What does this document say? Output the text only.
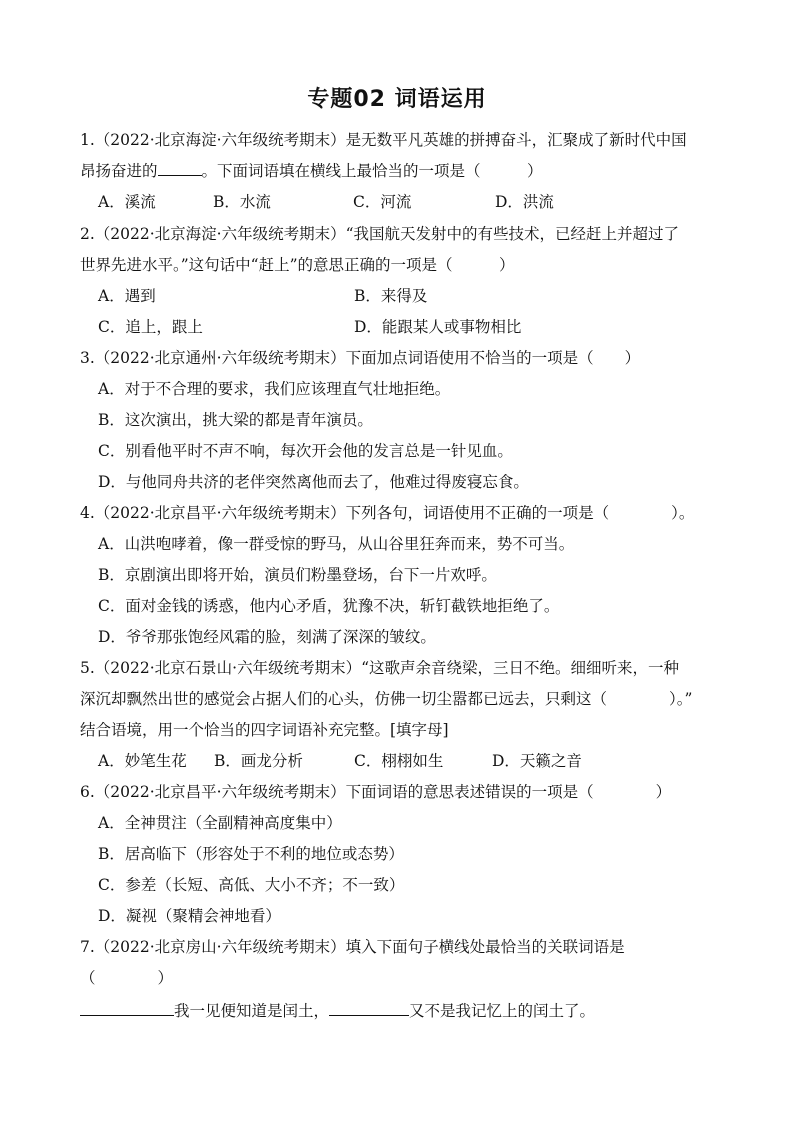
专题02 词语运用
1.（2022·北京海淀·六年级统考期末）是无数平凡英雄的拼搏奋斗，汇聚成了新时代中国
昂扬奋进的	。下面词语填在横线上最恰当的一项是（　　　）
A．溪流	B．水流	C．河流	D．洪流
2.（2022·北京海淀·六年级统考期末）“我国航天发射中的有些技术，已经赶上并超过了
世界先进水平。”这句话中“赶上”的意思正确的一项是（　　　）
A．遇到	B．来得及
C．追上，跟上	D．能跟某人或事物相比
3.（2022·北京通州·六年级统考期末）下面加点词语使用不恰当的一项是（　　）
A．对于不合理的要求，我们应该理直气壮地拒绝。
B．这次演出，挑大梁的都是青年演员。
C．别看他平时不声不响，每次开会他的发言总是一针见血。
D．与他同舟共济的老伴突然离他而去了，他难过得废寝忘食。
4.（2022·北京昌平·六年级统考期末）下列各句，词语使用不正确的一项是（　　　　）。
A．山洪咆哮着，像一群受惊的野马，从山谷里狂奔而来，势不可当。
B．京剧演出即将开始，演员们粉墨登场，台下一片欢呼。
C．面对金钱的诱惑，他内心矛盾，犹豫不决，斩钉截铁地拒绝了。
D．爷爷那张饱经风霜的脸，刻满了深深的皱纹。
5.（2022·北京石景山·六年级统考期末）“这歌声余音绕梁，三日不绝。细细听来，一种
深沉却飘然出世的感觉会占据人们的心头，仿佛一切尘嚣都已远去，只剩这（　　　　）。”
结合语境，用一个恰当的四字词语补充完整。[填字母]
A．妙笔生花 B．画龙分析	C．栩栩如生	D．天籁之音
6.（2022·北京昌平·六年级统考期末）下面词语的意思表述错误的一项是（　　　　）
A．全神贯注（全副精神高度集中）
B．居高临下（形容处于不利的地位或态势）
C．参差（长短、高低、大小不齐；不一致）
D．凝视（聚精会神地看）
7.（2022·北京房山·六年级统考期末）填入下面句子横线处最恰当的关联词语是
（　　　　）
我一见便知道是闰土，	又不是我记忆上的闰土了。
